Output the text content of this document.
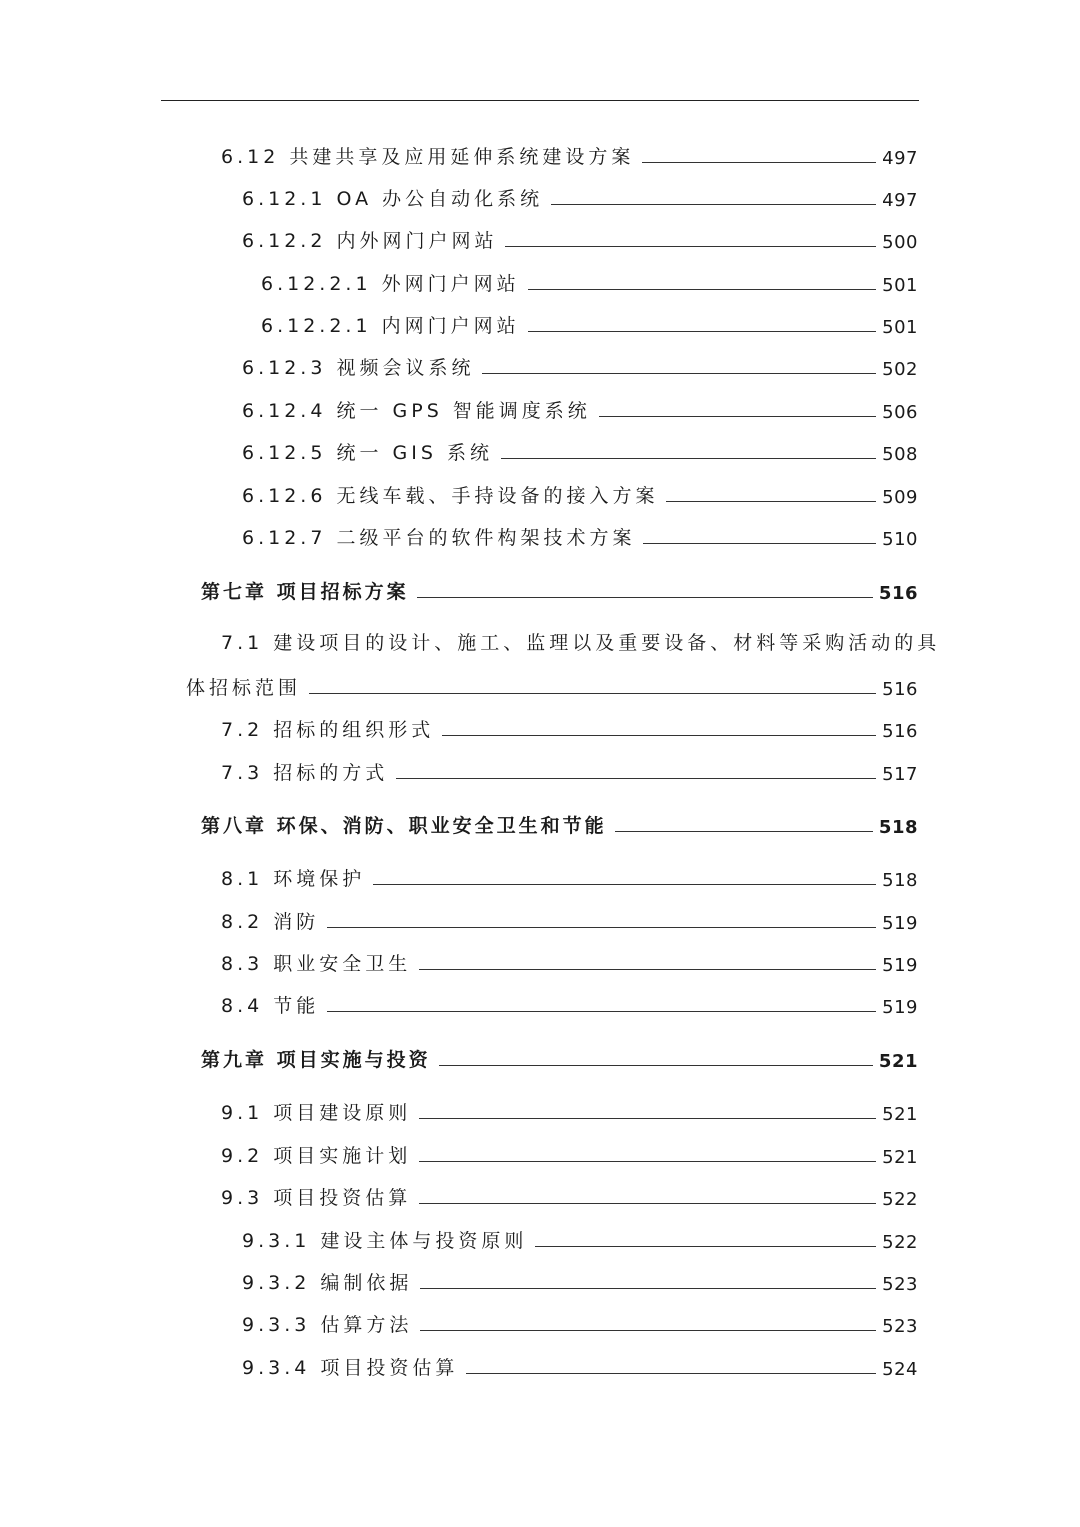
6.12 共建共享及应用延伸系统建设方案	497
6.12.1 OA 办公自动化系统	497
6.12.2 内外网门户网站	500
6.12.2.1 外网门户网站	501
6.12.2.1 内网门户网站	501
6.12.3 视频会议系统	502
6.12.4 统一 GPS 智能调度系统	506
6.12.5 统一 GIS 系统	508
6.12.6 无线车载、手持设备的接入方案	509
6.12.7 二级平台的软件构架技术方案	510
第七章 项目招标方案	516
7.1 建设项目的设计、施工、监理以及重要设备、材料等采购活动的具
体招标范围	516
7.2 招标的组织形式	516
7.3 招标的方式	517
第八章 环保、消防、职业安全卫生和节能	518
8.1 环境保护	518
8.2 消防	519
8.3 职业安全卫生	519
8.4 节能	519
第九章 项目实施与投资	521
9.1 项目建设原则	521
9.2 项目实施计划	521
9.3 项目投资估算	522
9.3.1 建设主体与投资原则	522
9.3.2 编制依据	523
9.3.3 估算方法	523
9.3.4 项目投资估算	524
